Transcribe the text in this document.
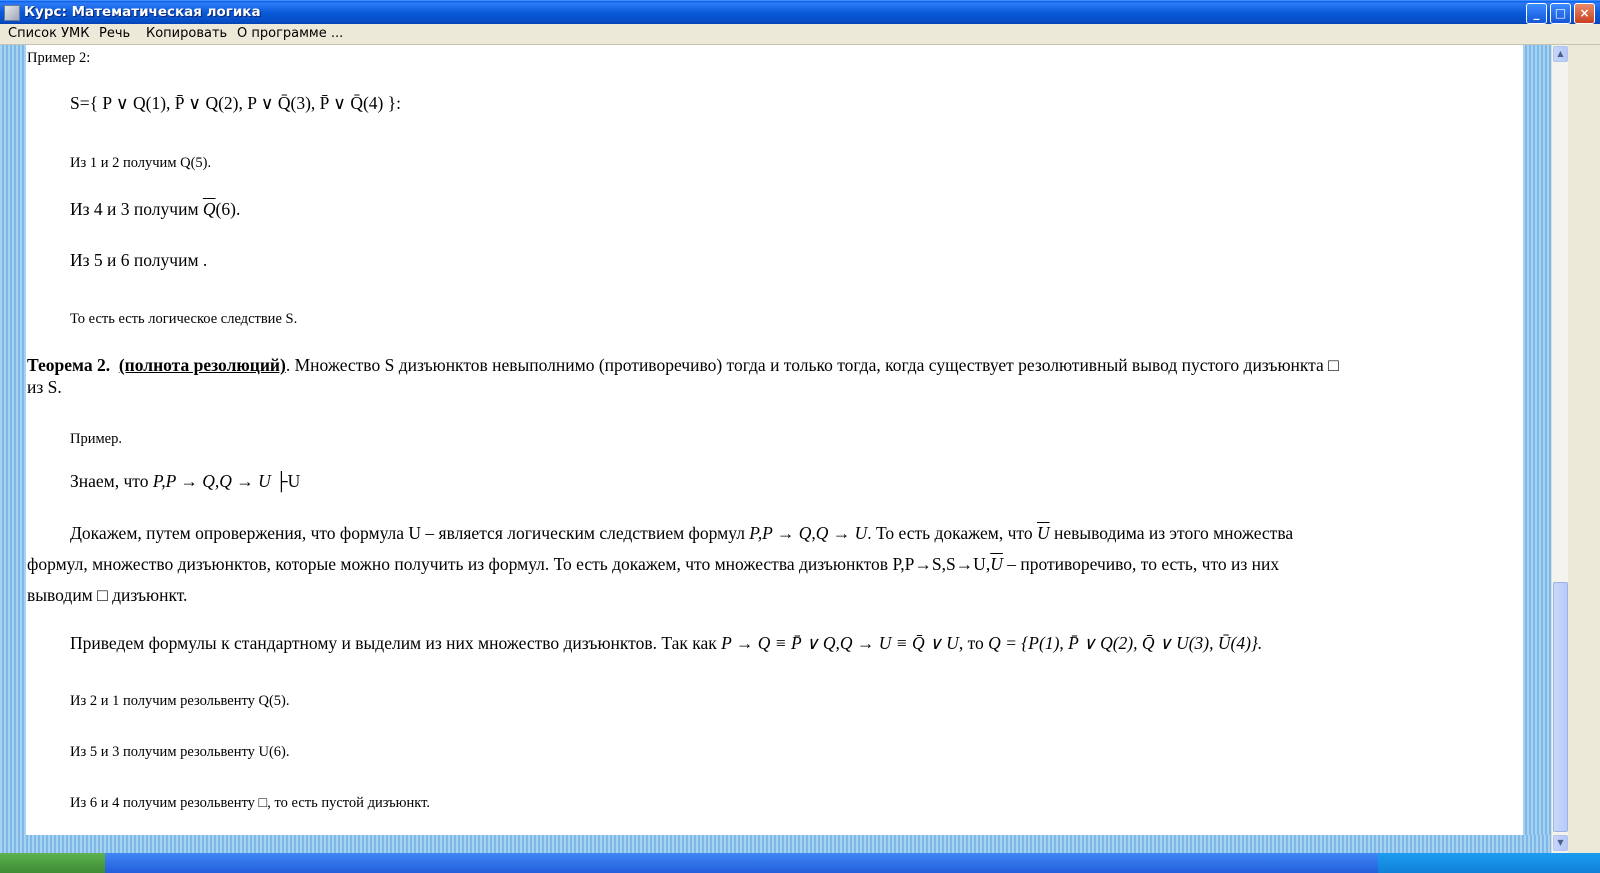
Курс: Математическая логика	_	□	×
Список УМК Речь Копировать О программе ...
Пример 2:
S={ P ∨ Q(1), P̄ ∨ Q(2), P ∨ Q̄(3), P̄ ∨ Q̄(4) }:
Из 1 и 2 получим Q(5).
Из 4 и 3 получим $\overline{Q}(6)$.
Из 5 и 6 получим .
То есть есть логическое следствие S.
Теорема 2. (полнота резолюций). Множество S дизъюнктов невыполнимо (противоречиво) тогда и только тогда, когда существует резолютивный вывод пустого дизъюнкта □
из S.
Пример.
Знаем, что P,P → Q,Q → U ├U
Докажем, путем опровержения, что формула U – является логическим следствием формул P,P → Q,Q → U. То есть докажем, что $\overline{U}$ невыводима из этого множества
формул, множество дизъюнктов, которые можно получить из формул. То есть докажем, что множества дизъюнктов $P,P\to S,S\to U,\overline{U}$ – противоречиво, то есть, что из них
выводим □ дизъюнкт.
Приведем формулы к стандартному и выделим из них множество дизъюнктов. Так как P → Q ≡ P̄ ∨ Q,Q → U ≡ Q̄ ∨ U, то Q = {P(1), P̄ ∨ Q(2), Q̄ ∨ U(3), Ū(4)}.
Из 2 и 1 получим резольвенту Q(5).
Из 5 и 3 получим резольвенту U(6).
Из 6 и 4 получим резольвенту □, то есть пустой дизъюнкт.
▲
▼
